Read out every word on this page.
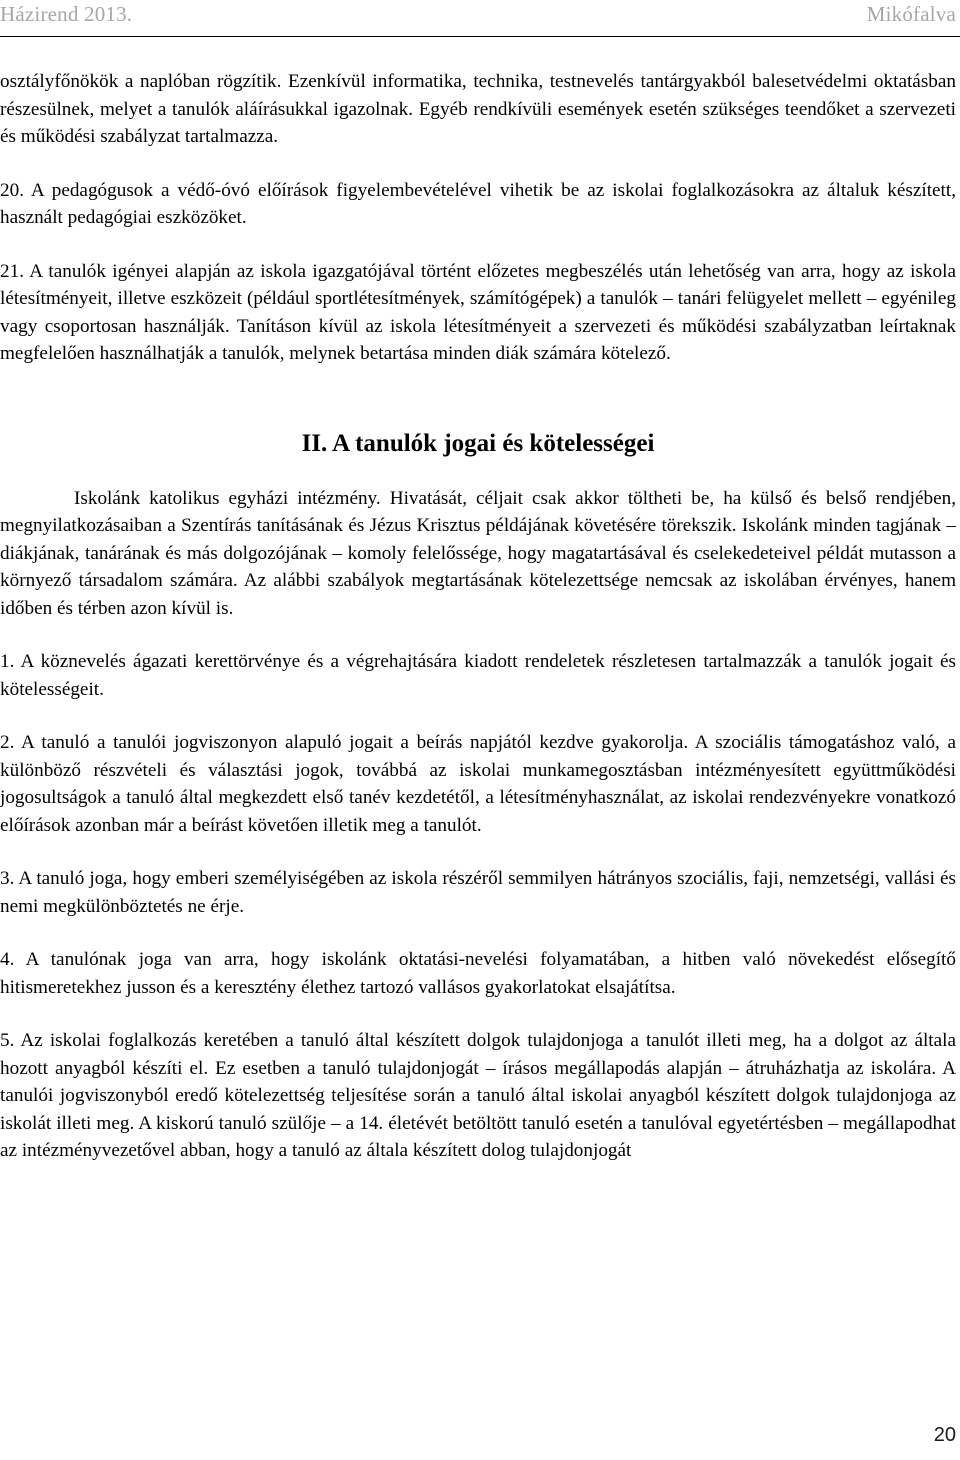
Házirend 2013.	Mikófalva

osztályfőnökök a naplóban rögzítik. Ezenkívül informatika, technika, testnevelés tantárgyakból balesetvédelmi oktatásban részesülnek, melyet a tanulók aláírásukkal igazolnak. Egyéb rendkívüli események esetén szükséges teendőket a szervezeti és működési szabályzat tartalmazza.

20. A pedagógusok a védő-óvó előírások figyelembevételével vihetik be az iskolai foglalkozásokra az általuk készített, használt pedagógiai eszközöket.

21. A tanulók igényei alapján az iskola igazgatójával történt előzetes megbeszélés után lehetőség van arra, hogy az iskola létesítményeit, illetve eszközeit (például sportlétesítmények, számítógépek) a tanulók – tanári felügyelet mellett – egyénileg vagy csoportosan használják. Tanításon kívül az iskola létesítményeit a szervezeti és működési szabályzatban leírtaknak megfelelően használhatják a tanulók, melynek betartása minden diák számára kötelező.

II. A tanulók jogai és kötelességei

Iskolánk katolikus egyházi intézmény. Hivatását, céljait csak akkor töltheti be, ha külső és belső rendjében, megnyilatkozásaiban a Szentírás tanításának és Jézus Krisztus példájának követésére törekszik. Iskolánk minden tagjának – diákjának, tanárának és más dolgozójának – komoly felelőssége, hogy magatartásával és cselekedeteivel példát mutasson a környező társadalom számára. Az alábbi szabályok megtartásának kötelezettsége nemcsak az iskolában érvényes, hanem időben és térben azon kívül is.

1. A köznevelés ágazati kerettörvénye és a végrehajtására kiadott rendeletek részletesen tartalmazzák a tanulók jogait és kötelességeit.

2. A tanuló a tanulói jogviszonyon alapuló jogait a beírás napjától kezdve gyakorolja. A szociális támogatáshoz való, a különböző részvételi és választási jogok, továbbá az iskolai munkamegosztásban intézményesített együttműködési jogosultságok a tanuló által megkezdett első tanév kezdetétől, a létesítményhasználat, az iskolai rendezvényekre vonatkozó előírások azonban már a beírást követően illetik meg a tanulót.

3. A tanuló joga, hogy emberi személyiségében az iskola részéről semmilyen hátrányos szociális, faji, nemzetségi, vallási és nemi megkülönböztetés ne érje.

4. A tanulónak joga van arra, hogy iskolánk oktatási-nevelési folyamatában, a hitben való növekedést elősegítő hitismeretekhez jusson és a keresztény élethez tartozó vallásos gyakorlatokat elsajátítsa.

5. Az iskolai foglalkozás keretében a tanuló által készített dolgok tulajdonjoga a tanulót illeti meg, ha a dolgot az általa hozott anyagból készíti el. Ez esetben a tanuló tulajdonjogát – írásos megállapodás alapján – átruházhatja az iskolára. A tanulói jogviszonyból eredő kötelezettség teljesítése során a tanuló által iskolai anyagból készített dolgok tulajdonjoga az iskolát illeti meg. A kiskorú tanuló szülője – a 14. életévét betöltött tanuló esetén a tanulóval egyetértésben – megállapodhat az intézményvezetővel abban, hogy a tanuló az általa készített dolog tulajdonjogát

20
